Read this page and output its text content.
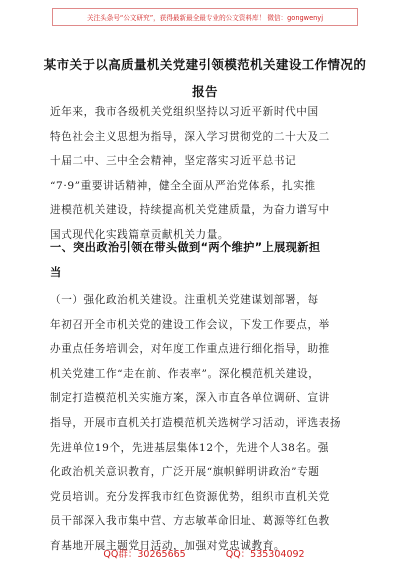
关注头条号“公文研究”，获得最新最全最专业的公文资料库！ 微信：gongwenyj
某市关于以高质量机关党建引领模范机关建设工作情况的
报告
近年来，我市各级机关党组织坚持以习近平新时代中国
特色社会主义思想为指导，深入学习贯彻党的二十大及二
十届二中、三中全会精神，坚定落实习近平总书记
“7·9”重要讲话精神，健全全面从严治党体系，扎实推
进模范机关建设，持续提高机关党建质量，为奋力谱写中
国式现代化实践篇章贡献机关力量。
一、突出政治引领在带头做到“两个维护”上展现新担
当
（一）强化政治机关建设。注重机关党建谋划部署，每
年初召开全市机关党的建设工作会议，下发工作要点，举
办重点任务培训会，对年度工作重点进行细化指导，助推
机关党建工作“走在前、作表率”。深化模范机关建设，
制定打造模范机关实施方案，深入市直各单位调研、宣讲
指导，开展市直机关打造模范机关选树学习活动，评选表扬
先进单位19个，先进基层集体12个，先进个人38名。强
化政治机关意识教育，广泛开展“旗帜鲜明讲政治”专题
党员培训。充分发挥我市红色资源优势，组织市直机关党
员干部深入我市集中营、方志敏革命旧址、葛源等红色教
育基地开展主题党日活动，加强对党忠诚教育。
QQ群：30265665	QQ：535304092
